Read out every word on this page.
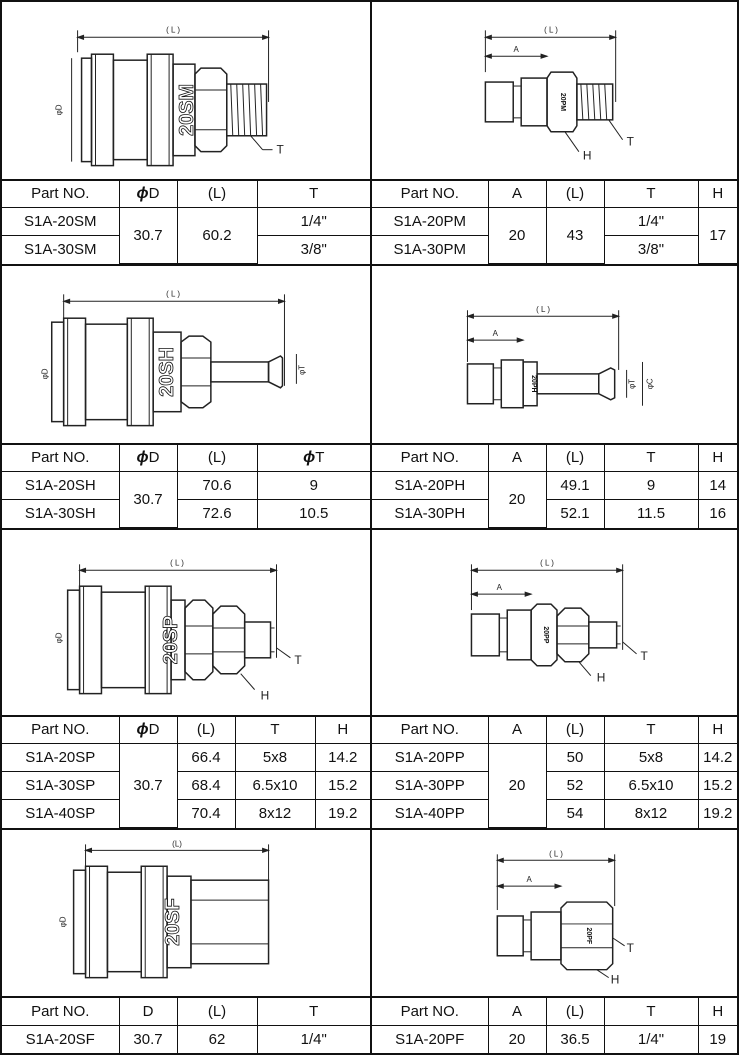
( L )
φD
T
20SM
Part NO.	ϕD	(L)	T
S1A-20SM	30.7	60.2	1/4"
S1A-30SM			3/8"
( L )
A
T
H
20PM
Part NO.	A	(L)	T	H
S1A-20PM	20	43	1/4"	17
S1A-30PM			3/8"	
( L )
φD	φT
20SH
Part NO.	ϕD	(L)	ϕT
S1A-20SH	30.7	70.6	9
S1A-30SH		72.6	10.5
( L )
A
φT φC
20PH
Part NO.	A	(L)	T	H
S1A-20PH	20	49.1	9	14
S1A-30PH		52.1	11.5	16
( L )
φD
T
H
20SP
Part NO.	ϕD	(L)	T	H
S1A-20SP	30.7	66.4	5x8	14.2
S1A-30SP		68.4	6.5x10	15.2
S1A-40SP		70.4	8x12	19.2
( L )
A
T
H
20PP
Part NO.	A	(L)	T	H
S1A-20PP	20	50	5x8	14.2
S1A-30PP		52	6.5x10	15.2
S1A-40PP		54	8x12	19.2
(L)
φD	20SF
Part NO.	D	(L)	T
S1A-20SF	30.7	62	1/4"
( L )
A
T
H
20PF
Part NO.	A	(L)	T	H
S1A-20PF	20	36.5	1/4"	19
